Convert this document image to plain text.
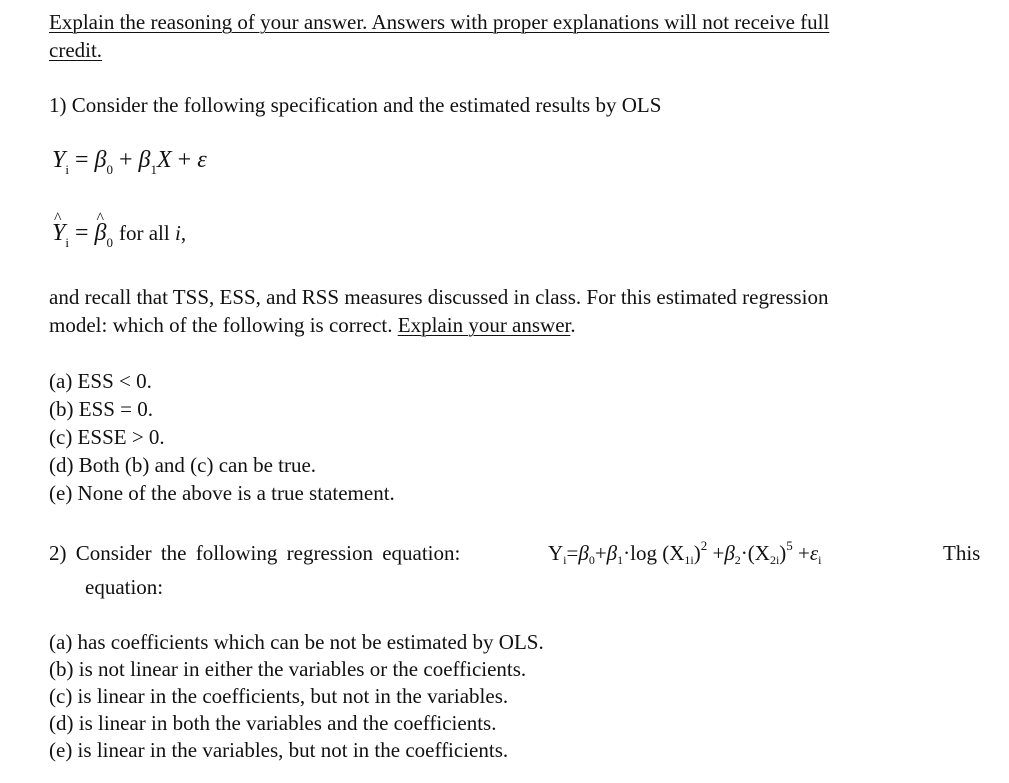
Explain the reasoning of your answer. Answers with proper explanations will not receive full
credit.
1) Consider the following specification and the estimated results by OLS
$Y_i = \beta_0 + \beta_1X + \varepsilon$
^ $Y_i$ = ^ $\beta_0$ for all i,
and recall that TSS, ESS, and RSS measures discussed in class. For this estimated regression
model: which of the following is correct. Explain your answer.
(a) ESS < 0.
(b) ESS = 0.
(c) ESSE > 0.
(d) Both (b) and (c) can be true.
(e) None of the above is a true statement.
2) Consider the following regression equation:	Yi=β0+β1·log $(X1i)^2 +\beta 2\cdot(X2i)^5 +\varepsilon i$	This
equation:
(a) has coefficients which can be not be estimated by OLS.
(b) is not linear in either the variables or the coefficients.
(c) is linear in the coefficients, but not in the variables.
(d) is linear in both the variables and the coefficients.
(e) is linear in the variables, but not in the coefficients.
